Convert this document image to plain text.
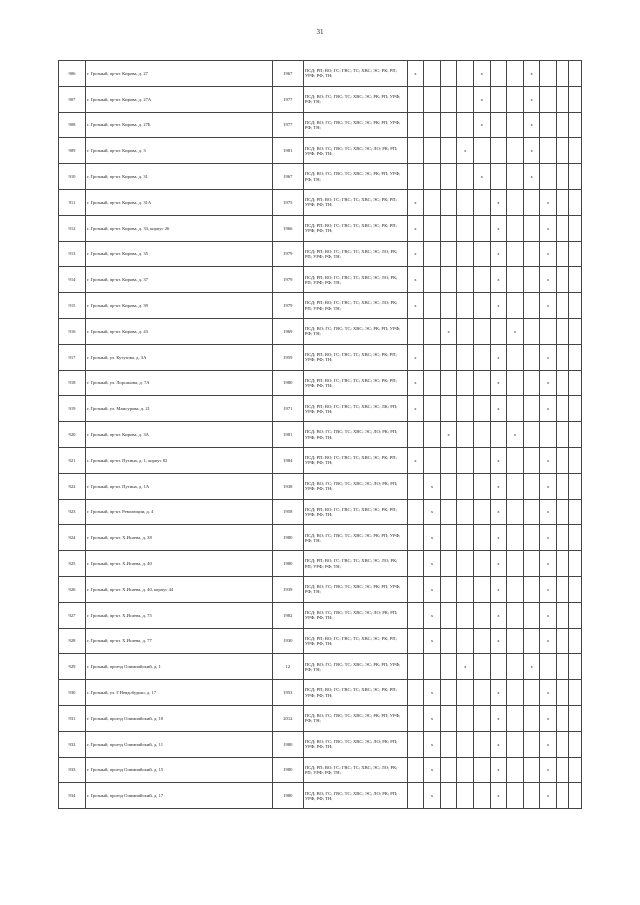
31
906	г. Грозный, пр-кт. Кирова, д. 27	1967	ПСД; РП; ВО; ГС; ГВС; ТС; ХВС; ЭС; РК; РП; УРФ; РФ; ТН;	x				x			x			
907	г. Грозный, пр-кт. Кирова, д. 27А	1977	ПСД; ВО; ГС; ГВС; ТС; ХВС; ЭС; РК; РП; УРФ; РФ; ТН;					x			x			
908	г. Грозный, пр-кт. Кирова, д. 27Б	1977	ПСД; ВО; ГС; ГВС; ТС; ХВС; ЭС; РК; РП; УРФ; РФ; ТН;					x			x			
909	г. Грозный, пр-кт. Кирова, д. 3	1981	ПСД; ВО; ГС; ГВС; ТС; ХВС; ЭС; ЛО; РК; РП; УРФ; РФ; ТН;				x				x			
910	г. Грозный, пр-кт. Кирова, д. 31	1967	ПСД; ВО; ГС; ГВС; ТС; ХВС; ЭС; РК; РП; УРФ; РФ; ТН;					x			x			
911	г. Грозный, пр-кт. Кирова, д. 31А	1975	ПСД; РП; ВО; ГС; ГВС; ТС; ХВС; ЭС; РК; РП; УРФ; РФ; ТН;	x					x			x		
912	г. Грозный, пр-кт. Кирова, д. 33, корпус 26	1966	ПСД; РП; ВО; ГС; ГВС; ТС; ХВС; ЭС; РК; РП; УРФ; РФ; ТН;	x					x			x		
913	г. Грозный, пр-кт. Кирова, д. 35	1979	ПСД; РП; ВО; ГС; ГВС; ТС; ХВС; ЭС; ЛО; РК; РП; УРФ; РФ; ТН;	x					x			x		
914	г. Грозный, пр-кт. Кирова, д. 37	1979	ПСД; РП; ВО; ГС; ГВС; ТС; ХВС; ЭС; ЛО; РК; РП; УРФ; РФ; ТН;	x					x			x		
915	г. Грозный, пр-кт. Кирова, д. 39	1979	ПСД; РП; ВО; ГС; ГВС; ТС; ХВС; ЭС; ЛО; РК; РП; УРФ; РФ; ТН;	x					x			x		
916	г. Грозный, пр-кт. Кирова, д. 43	1969	ПСД; ВО; ГС; ГВС; ТС; ХВС; ЭС; РК; РП; УРФ; РФ; ТН;			x				x				
917	г. Грозный, ул. Кутузова, д. 3А	1959	ПСД; РП; ВО; ГС; ГВС; ТС; ХВС; ЭС; РК; РП; УРФ; РФ; ТН;	x					x			x		
918	г. Грозный, ул. Лорсанова, д. 7А	1980	ПСД; РП; ВО; ГС; ГВС; ТС; ХВС; ЭС; РК; РП; УРФ; РФ; ТН;	x					x			x		
919	г. Грозный, ул. Мамсурова, д. 21	1971	ПСД; РП; ВО; ГС; ГВС; ТС; ХВС; ЭС; ЛК; РП; УРФ; РФ; ТН;	x					x			x		
920	г. Грозный, пр-кт. Кирова, д. 3А	1981	ПСД; ВО; ГС; ГВС; ТС; ХВС; ЭС; ЛО; РК; РП; УРФ; РФ; ТН;			x				x				
921	г. Грозный, пр-кт. Путина, д. 1, корпус 82	1984	ПСД; РП; ВО; ГС; ГВС; ТС; ХВС; ЭС; РК; РП; УРФ; РФ; ТН;	x					x			x		
922	г. Грозный, пр-кт. Путина, д. 1А	1938	ПСД; ВО; ГС; ГВС; ТС; ХВС; ЭС; ЛО; РК; РП; УРФ; РФ; ТН;		x				x			x		
923	г. Грозный, пр-кт. Революции, д. 4	1958	ПСД; РП; ВО; ГС; ГВС; ТС; ХВС; ЭС; РК; РП; УРФ; РФ; ТН;		x				x			x		
924	г. Грозный, пр-кт. Х.Исаева, д. 38	1980	ПСД; ВО; ГС; ГВС; ТС; ХВС; ЭС; РК; РП; УРФ; РФ; ТН;		x				x			x		
925	г. Грозный, пр-кт. Х.Исаева, д. 40	1980	ПСД; РП; ВО; ГС; ГВС; ТС; ХВС; ЭС; ЛО; РК; РП; УРФ; РФ; ТН;		x				x			x		
926	г. Грозный, пр-кт. Х.Исаева, д. 40, корпус 44	1939	ПСД; ВО; ГС; ГВС; ТС; ХВС; ЭС; РК; РП; УРФ; РФ; ТН;		x				x			x		
927	г. Грозный, пр-кт. Х.Исаева, д. 75	1982	ПСД; ВО; ГС; ГВС; ТС; ХВС; ЭС; ЛО; РК; РП; УРФ; РФ; ТН;		x				x			x		
928	г. Грозный, пр-кт. Х.Исаева, д. 77	1930	ПСД; РП; ВО; ГС; ГВС; ТС; ХВС; ЭС; РК; РП; УРФ; РФ; ТН;		x				x			x		
929	г. Грозный, проезд Олимпийский, д. 1	12	ПСД; ВО; ГС; ГВС; ТС; ХВС; ЭС; РК; РП; УРФ; РФ; ТН;				x				x			
930	г. Грозный, ул. Г.Невдобудько, д. 17	1953	ПСД; РП; ВО; ГС; ГВС; ТС; ХВС; ЭС; РК; РП; УРФ; РФ; ТН;		x				x			x		
931	г. Грозный, проезд Олимпийский, д. 10	2012	ПСД; ВО; ГС; ГВС; ТС; ХВС; ЭС; РК; РП; УРФ; РФ; ТН;		x				x			x		
932	г. Грозный, проезд Олимпийский, д. 11	1980	ПСД; ВО; ГС; ГВС; ТС; ХВС; ЭС; ЛО; РК; РП; УРФ; РФ; ТН;		x				x			x		
933	г. Грозный, проезд Олимпийский, д. 15	1980	ПСД; РП; ВО; ГС; ГВС; ТС; ХВС; ЭС; ЛО; РК; РП; УРФ; РФ; ТН;		x				x			x		
934	г. Грозный, проезд Олимпийский, д. 17	1980	ПСД; ВО; ГС; ГВС; ТС; ХВС; ЭС; ЛО; РК; РП; УРФ; РФ; ТН;		x				x			x		
